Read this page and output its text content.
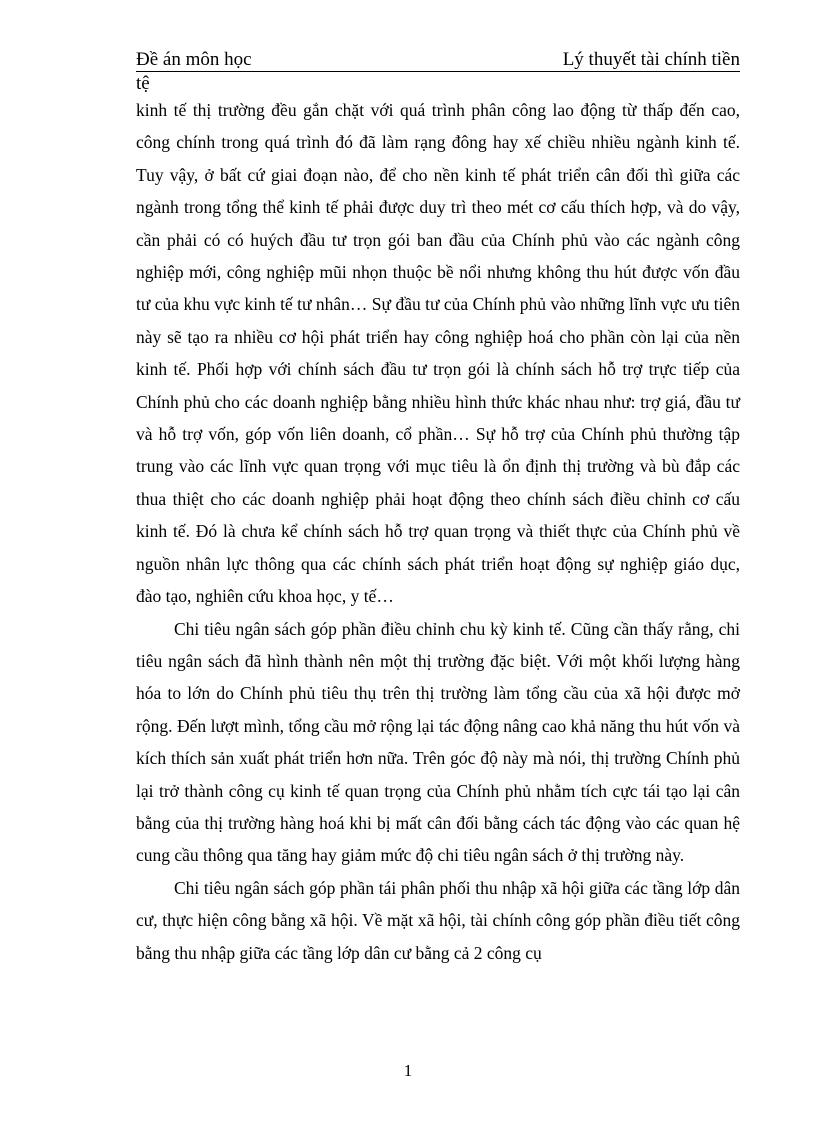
Đề án môn học	Lý thuyết tài chính tiền
tệ

kinh tế thị trường đều gắn chặt với quá trình phân công lao động từ thấp đến cao, công chính trong quá trình đó đã làm rạng đông hay xế chiều nhiều ngành kinh tế. Tuy vậy, ở bất cứ giai đoạn nào, để cho nền kinh tế phát triển cân đối thì giữa các ngành trong tổng thể kinh tế phải được duy trì theo mét cơ cấu thích hợp, và do vậy, cần phải có có huých đầu tư trọn gói ban đầu của Chính phủ vào các ngành công nghiệp mới, công nghiệp mũi nhọn thuộc bề nổi nhưng không thu hút được vốn đầu tư của khu vực kinh tế tư nhân… Sự đầu tư của Chính phủ vào những lĩnh vực ưu tiên này sẽ tạo ra nhiều cơ hội phát triển hay công nghiệp hoá cho phần còn lại của nền kinh tế. Phối hợp với chính sách đầu tư trọn gói là chính sách hỗ trợ trực tiếp của Chính phủ cho các doanh nghiệp bằng nhiều hình thức khác nhau như: trợ giá, đầu tư và hỗ trợ vốn, góp vốn liên doanh, cổ phần… Sự hỗ trợ của Chính phủ thường tập trung vào các lĩnh vực quan trọng với mục tiêu là ổn định thị trường và bù đắp các thua thiệt cho các doanh nghiệp phải hoạt động theo chính sách điều chỉnh cơ cấu kinh tế. Đó là chưa kể chính sách hỗ trợ quan trọng và thiết thực của Chính phủ về nguồn nhân lực thông qua các chính sách phát triển hoạt động sự nghiệp giáo dục, đào tạo, nghiên cứu khoa học, y tế…

Chi tiêu ngân sách góp phần điều chỉnh chu kỳ kinh tế. Cũng cần thấy rằng, chi tiêu ngân sách đã hình thành nên một thị trường đặc biệt. Với một khối lượng hàng hóa to lớn do Chính phủ tiêu thụ trên thị trường làm tổng cầu của xã hội được mở rộng. Đến lượt mình, tổng cầu mở rộng lại tác động nâng cao khả năng thu hút vốn và kích thích sản xuất phát triển hơn nữa. Trên góc độ này mà nói, thị trường Chính phủ lại trở thành công cụ kinh tế quan trọng của Chính phủ nhằm tích cực tái tạo lại cân bằng của thị trường hàng hoá khi bị mất cân đối bằng cách tác động vào các quan hệ cung cầu thông qua tăng hay giảm mức độ chi tiêu ngân sách ở thị trường này.

Chi tiêu ngân sách góp phần tái phân phối thu nhập xã hội giữa các tầng lớp dân cư, thực hiện công bằng xã hội. Về mặt xã hội, tài chính công góp phần điều tiết công bằng thu nhập giữa các tầng lớp dân cư bằng cả 2 công cụ

1
